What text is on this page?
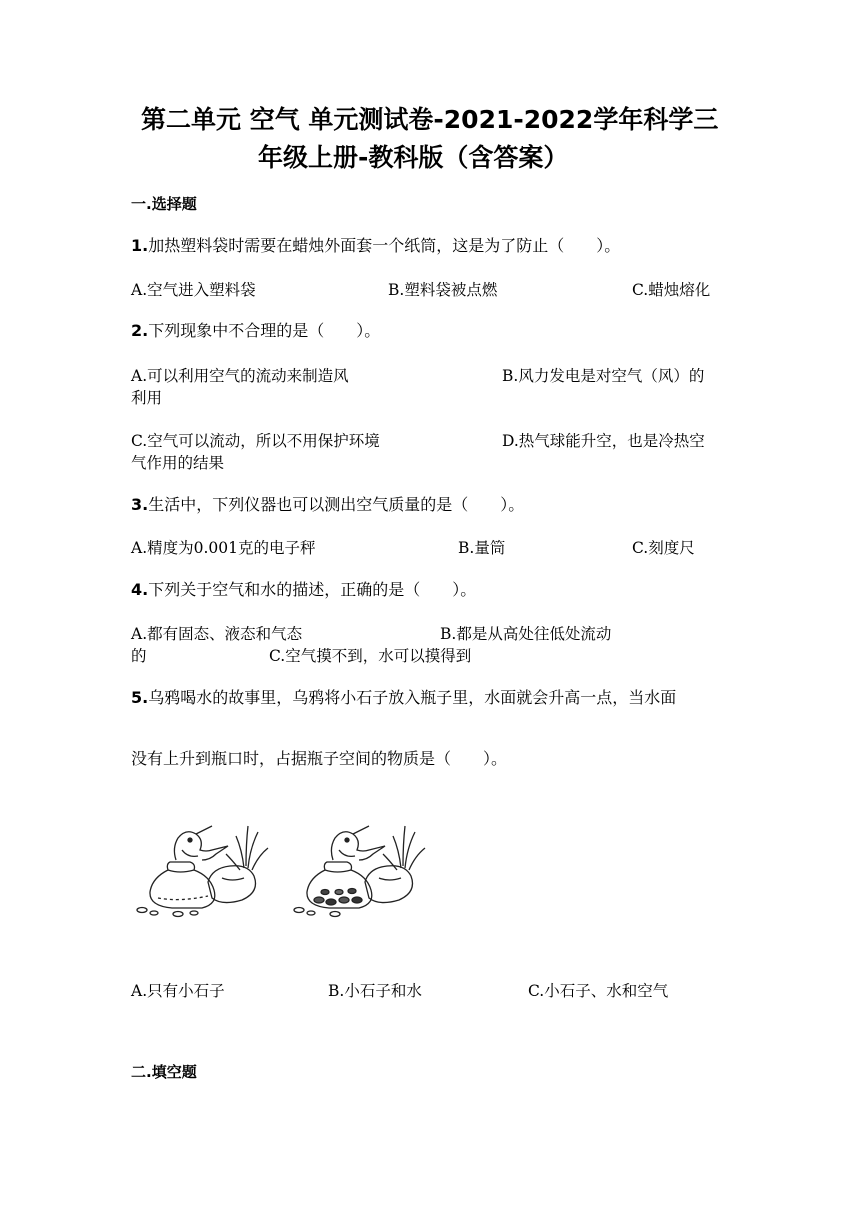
第二单元 空气 单元测试卷-2021-2022学年科学三
年级上册-教科版（含答案）
一.选择题
1.加热塑料袋时需要在蜡烛外面套一个纸筒，这是为了防止（　　）。
A.空气进入塑料袋	B.塑料袋被点燃	C.蜡烛熔化
2.下列现象中不合理的是（　　）。
A.可以利用空气的流动来制造风	B.风力发电是对空气（风）的
利用
C.空气可以流动，所以不用保护环境	D.热气球能升空，也是冷热空
气作用的结果
3.生活中，下列仪器也可以测出空气质量的是（　　）。
A.精度为0.001克的电子秤	B.量筒	C.刻度尺
4.下列关于空气和水的描述，正确的是（　　）。
A.都有固态、液态和气态	B.都是从高处往低处流动
的	C.空气摸不到，水可以摸得到
5.乌鸦喝水的故事里，乌鸦将小石子放入瓶子里，水面就会升高一点，当水面
没有上升到瓶口时，占据瓶子空间的物质是（　　）。
A.只有小石子	B.小石子和水	C.小石子、水和空气
二.填空题
